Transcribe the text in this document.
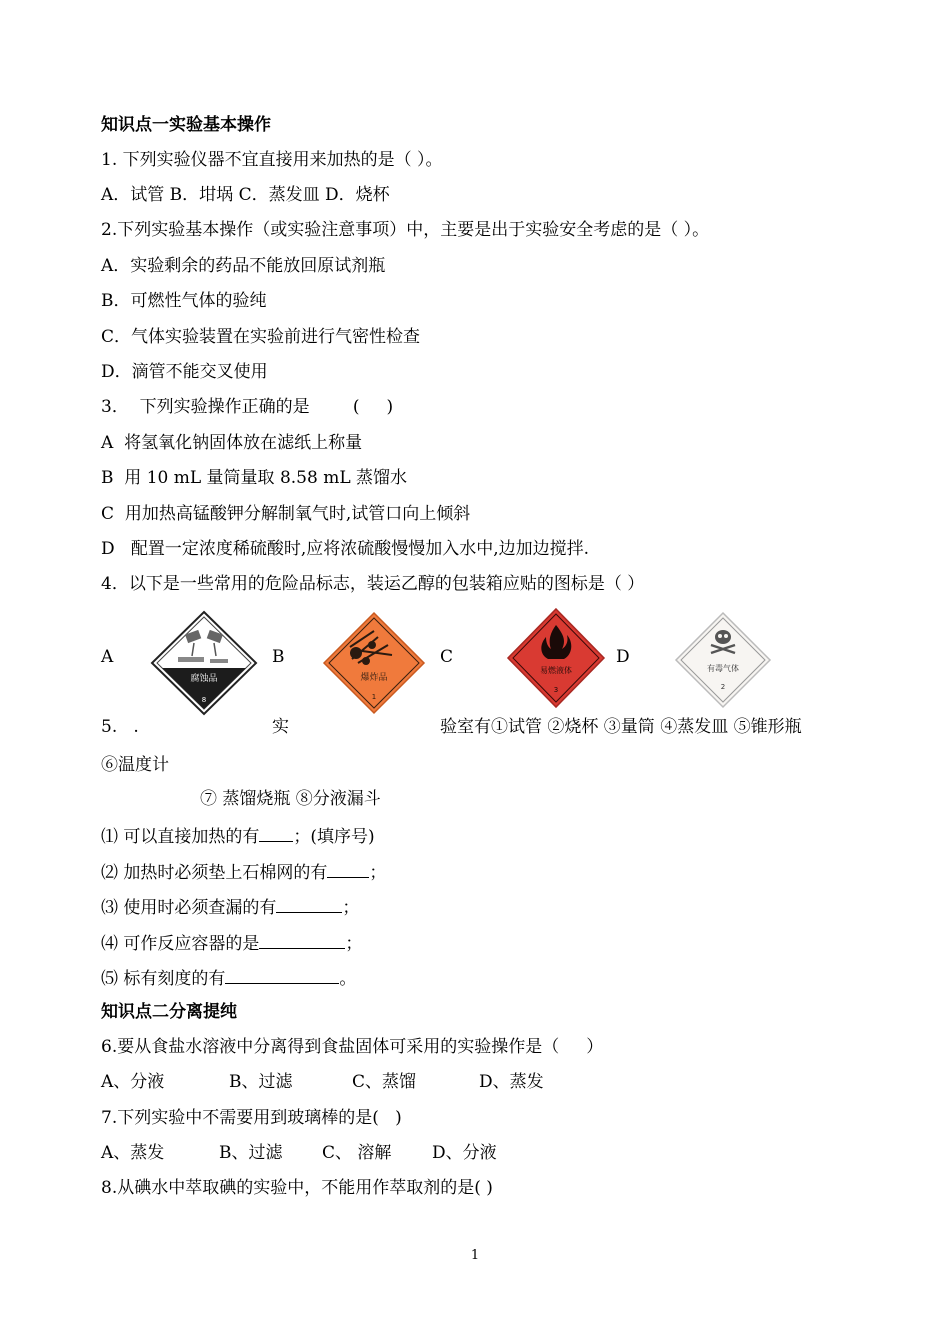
知识点一实验基本操作
1. 下列实验仪器不宜直接用来加热的是（ ）。
A．试管 B．坩埚 C．蒸发皿 D．烧杯
2.下列实验基本操作（或实验注意事项）中，主要是出于实验安全考虑的是（ ）。
A．实验剩余的药品不能放回原试剂瓶
B．可燃性气体的验纯
C．气体实验装置在实验前进行气密性检查
D．滴管不能交叉使用
3．  下列实验操作正确的是        (     )
A  将氢氧化钠固体放在滤纸上称量
B  用 10 mL 量筒量取 8.58 mL 蒸馏水
C  用加热高锰酸钾分解制氧气时,试管口向上倾斜
D   配置一定浓度稀硫酸时,应将浓硫酸慢慢加入水中,边加边搅拌.
4．以下是一些常用的危险品标志，装运乙醇的包装箱应贴的图标是（ ）
A	B	C	D
腐蚀品
8
爆炸品
1
易燃液体
3
有毒气体
2
5.   .	实	验室有①试管 ②烧杯 ③量筒 ④蒸发皿 ⑤锥形瓶
⑥温度计
⑦ 蒸馏烧瓶 ⑧分液漏斗
⑴ 可以直接加热的有 ；(填序号)
⑵ 加热时必须垫上石棉网的有 ；
⑶ 使用时必须查漏的有	；
⑷ 可作反应容器的是	；
⑸ 标有刻度的有	。
知识点二分离提纯
6.要从食盐水溶液中分离得到食盐固体可采用的实验操作是（     ）
A、分液	B、过滤	C、蒸馏	D、蒸发
7.下列实验中不需要用到玻璃棒的是(   )
A、蒸发	B、过滤 C、 溶解 D、分液
8.从碘水中萃取碘的实验中，不能用作萃取剂的是( )
1
